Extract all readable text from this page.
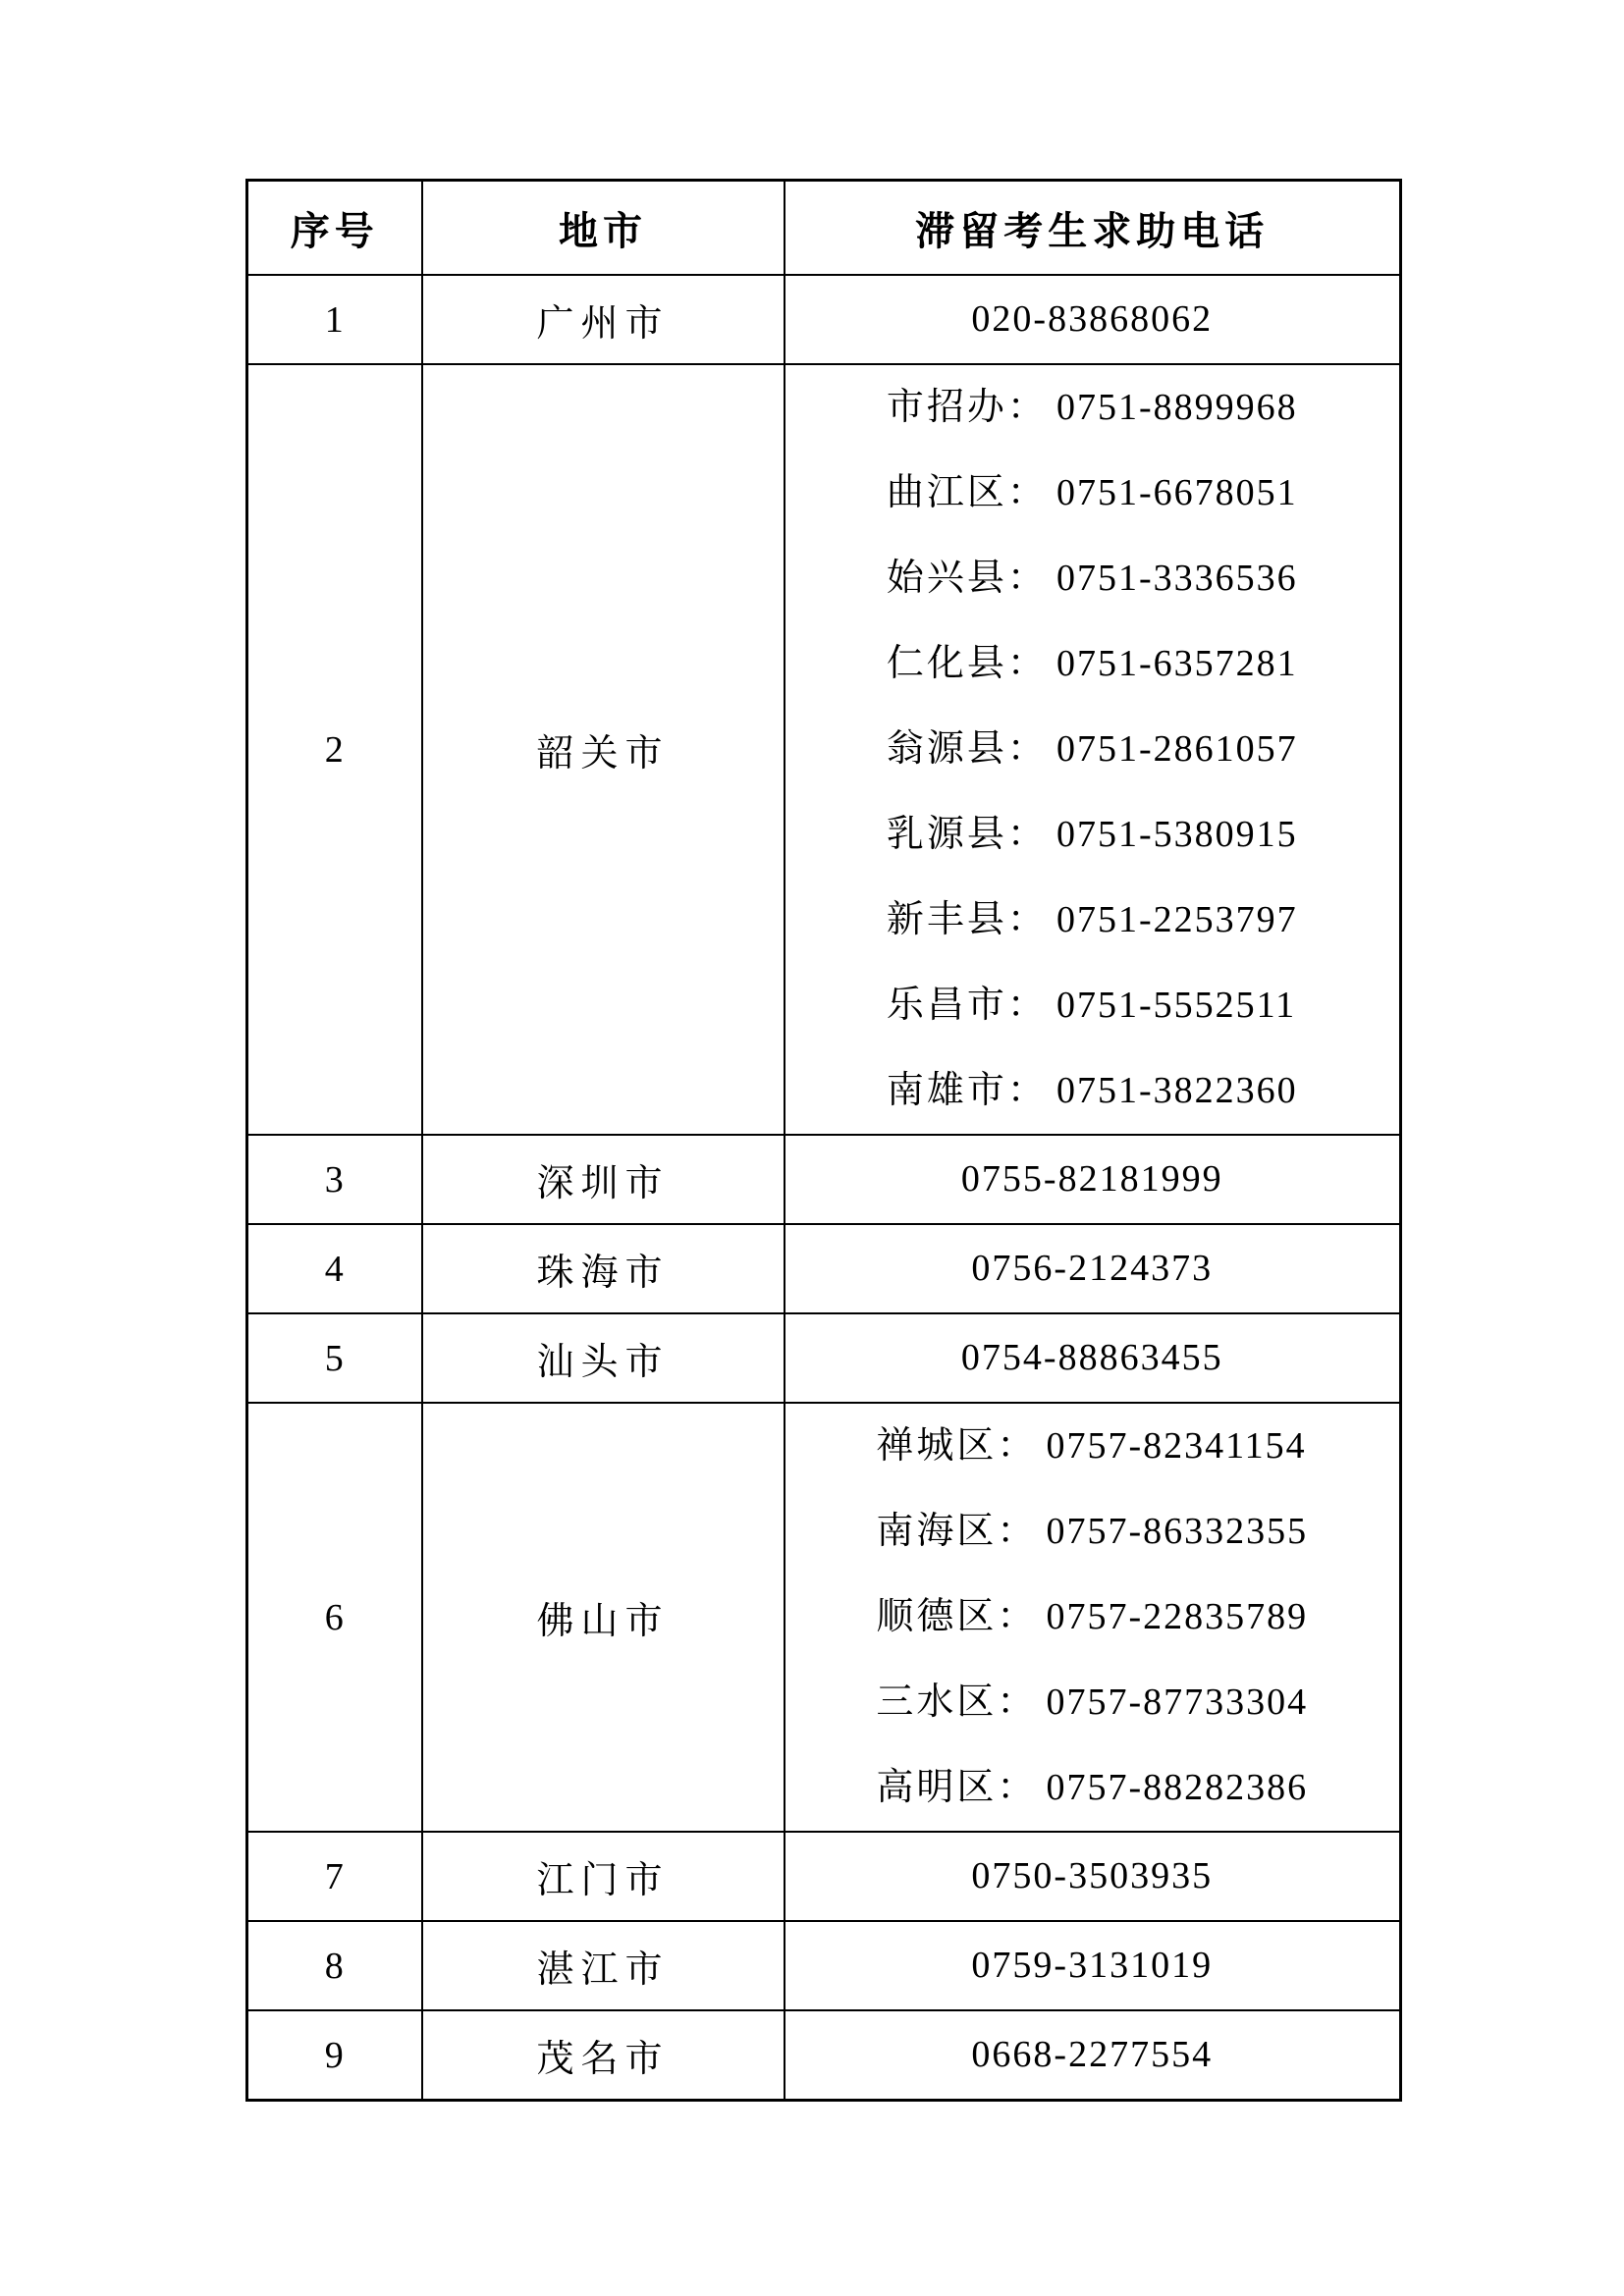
序号	地市	滞留考生求助电话
1	广州市	020-83868062

2	韶关市	
市招办： 0751-8899968
曲江区： 0751-6678051
始兴县： 0751-3336536
仁化县： 0751-6357281
翁源县： 0751-2861057
乳源县： 0751-5380915
新丰县： 0751-2253797
乐昌市： 0751-5552511
南雄市： 0751-3822360

3	深圳市	0755-82181999

4	珠海市	0756-2124373

5	汕头市	0754-88863455

6	佛山市	禅城区： 0757-82341154
南海区： 0757-86332355
顺德区： 0757-22835789
三水区： 0757-87733304
高明区： 0757-88282386

7	江门市	0750-3503935

8	湛江市	0759-3131019

9	茂名市	0668-2277554
